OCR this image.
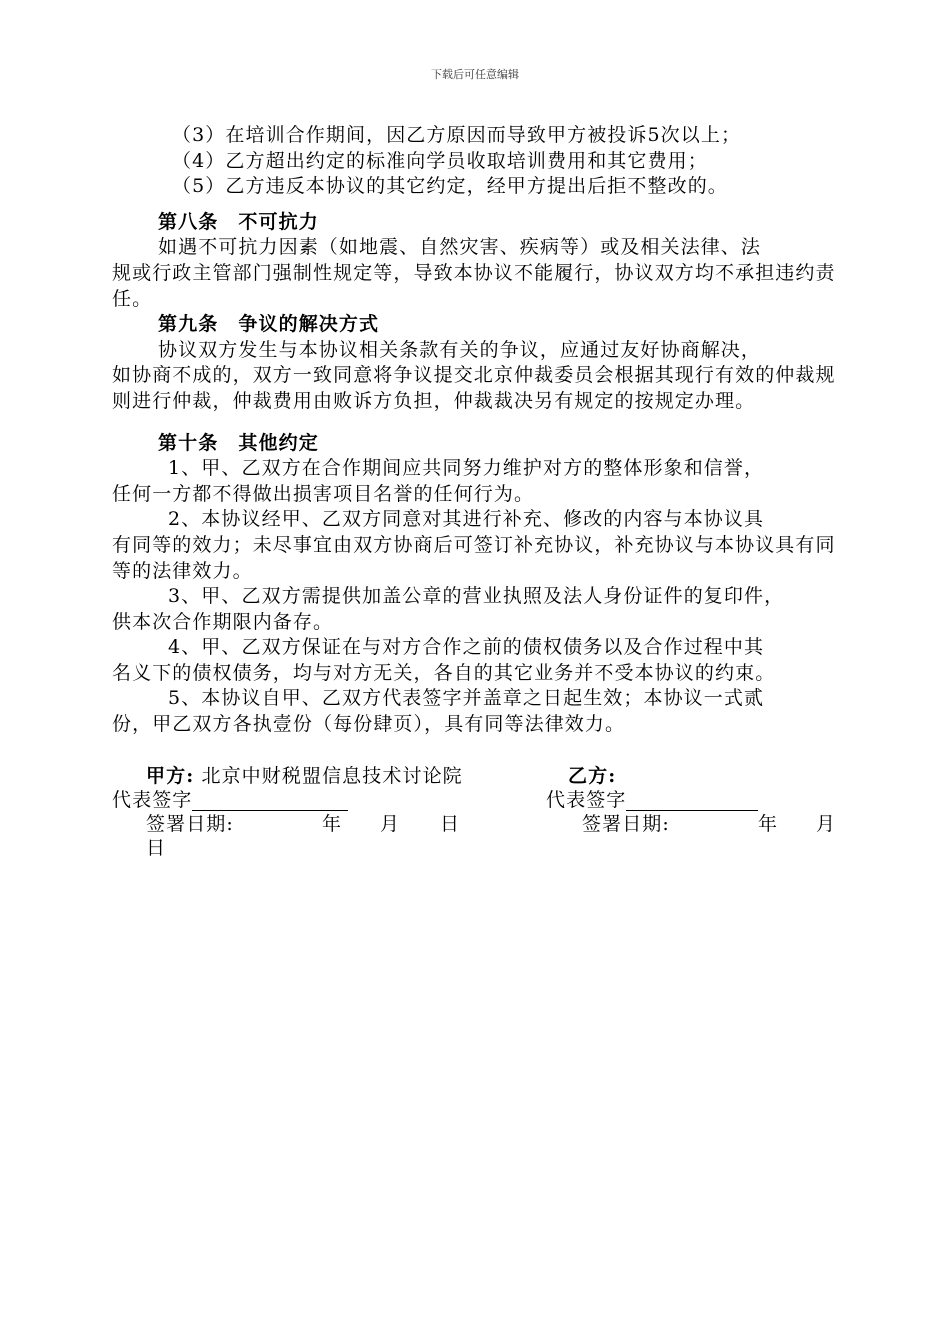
下载后可任意编辑

（3）在培训合作期间，因乙方原因而导致甲方被投诉5次以上；

（4）乙方超出约定的标准向学员收取培训费用和其它费用；

（5）乙方违反本协议的其它约定，经甲方提出后拒不整改的。

第八条　不可抗力

如遇不可抗力因素（如地震、自然灾害、疾病等）或及相关法律、法

规或行政主管部门强制性规定等，导致本协议不能履行，协议双方均不承担违约责任。

第九条　争议的解决方式

协议双方发生与本协议相关条款有关的争议，应通过友好协商解决，

如协商不成的，双方一致同意将争议提交北京仲裁委员会根据其现行有效的仲裁规则进行仲裁，仲裁费用由败诉方负担，仲裁裁决另有规定的按规定办理。

第十条　其他约定

1、甲、乙双方在合作期间应共同努力维护对方的整体形象和信誉，

任何一方都不得做出损害项目名誉的任何行为。

2、本协议经甲、乙双方同意对其进行补充、修改的内容与本协议具

有同等的效力；未尽事宜由双方协商后可签订补充协议，补充协议与本协议具有同等的法律效力。

3、甲、乙双方需提供加盖公章的营业执照及法人身份证件的复印件，

供本次合作期限内备存。

4、甲、乙双方保证在与对方合作之前的债权债务以及合作过程中其

名义下的债权债务，均与对方无关，各自的其它业务并不受本协议的约束。

5、本协议自甲、乙双方代表签字并盖章之日起生效；本协议一式贰

份，甲乙双方各执壹份（每份肆页），具有同等法律效力。

甲方: 北京中财税盟信息技术讨论院	乙方:
代表签字	代表签字
签署日期:	年 月 日	签署日期:	年 月
日
